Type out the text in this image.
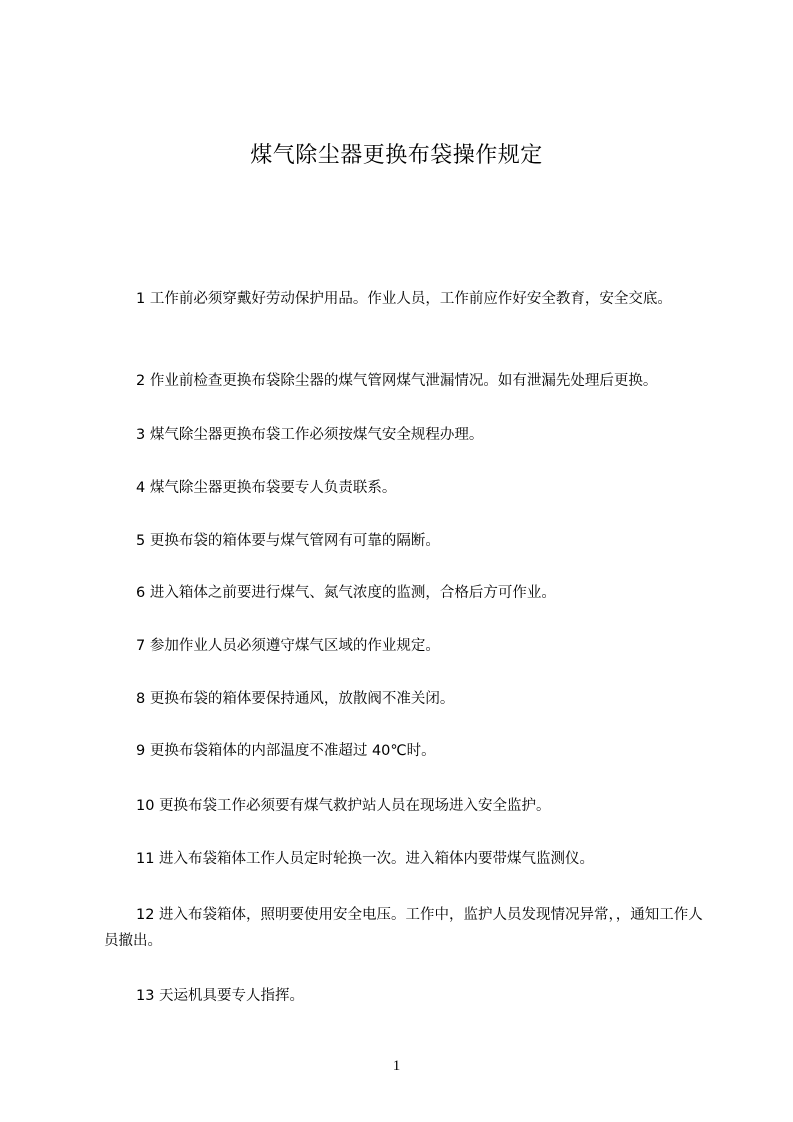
煤气除尘器更换布袋操作规定
1 工作前必须穿戴好劳动保护用品。作业人员，工作前应作好安全教育，安全交底。
2 作业前检查更换布袋除尘器的煤气管网煤气泄漏情况。如有泄漏先处理后更换。
3 煤气除尘器更换布袋工作必须按煤气安全规程办理。
4 煤气除尘器更换布袋要专人负责联系。
5 更换布袋的箱体要与煤气管网有可靠的隔断。
6 进入箱体之前要进行煤气、氮气浓度的监测，合格后方可作业。
7 参加作业人员必须遵守煤气区域的作业规定。
8 更换布袋的箱体要保持通风，放散阀不准关闭。
9 更换布袋箱体的内部温度不准超过 40℃时。
10 更换布袋工作必须要有煤气救护站人员在现场进入安全监护。
11 进入布袋箱体工作人员定时轮换一次。进入箱体内要带煤气监测仪。
12 进入布袋箱体，照明要使用安全电压。工作中，监护人员发现情况异常，，通知工作人员撤出。
13 天运机具要专人指挥。
1
